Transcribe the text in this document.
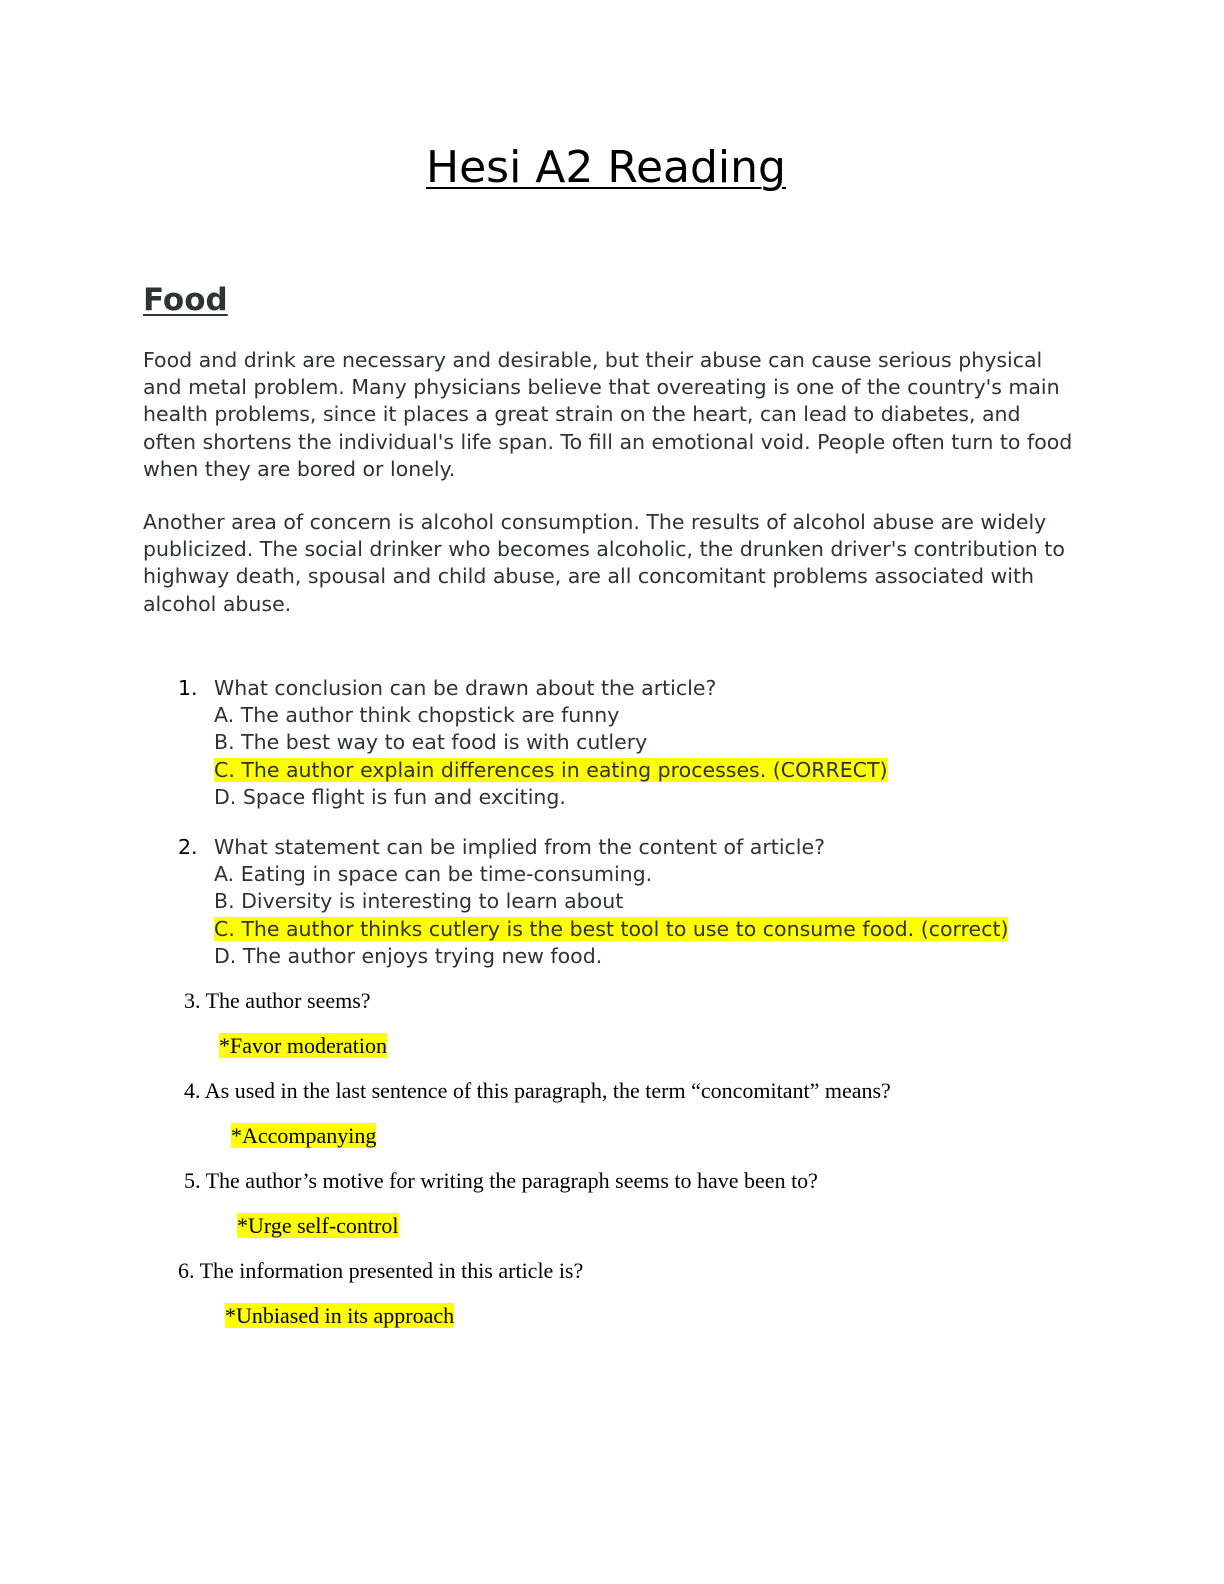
Hesi A2 Reading
Food

Food and drink are necessary and desirable, but their abuse can cause serious physical and metal problem. Many physicians believe that overeating is one of the country's main health problems, since it places a great strain on the heart, can lead to diabetes, and often shortens the individual's life span. To fill an emotional void. People often turn to food when they are bored or lonely.

Another area of concern is alcohol consumption. The results of alcohol abuse are widely publicized. The social drinker who becomes alcoholic, the drunken driver's contribution to highway death, spousal and child abuse, are all concomitant problems associated with alcohol abuse.

1. What conclusion can be drawn about the article?
A. The author think chopstick are funny
B. The best way to eat food is with cutlery
C. The author explain differences in eating processes. (CORRECT)
D. Space flight is fun and exciting.
2. What statement can be implied from the content of article?
A. Eating in space can be time-consuming.
B. Diversity is interesting to learn about
C. The author thinks cutlery is the best tool to use to consume food. (correct)
D. The author enjoys trying new food.

3. The author seems?

*Favor moderation

4. As used in the last sentence of this paragraph, the term “concomitant” means?

*Accompanying

5. The author’s motive for writing the paragraph seems to have been to?

*Urge self-control

6. The information presented in this article is?

*Unbiased in its approach
